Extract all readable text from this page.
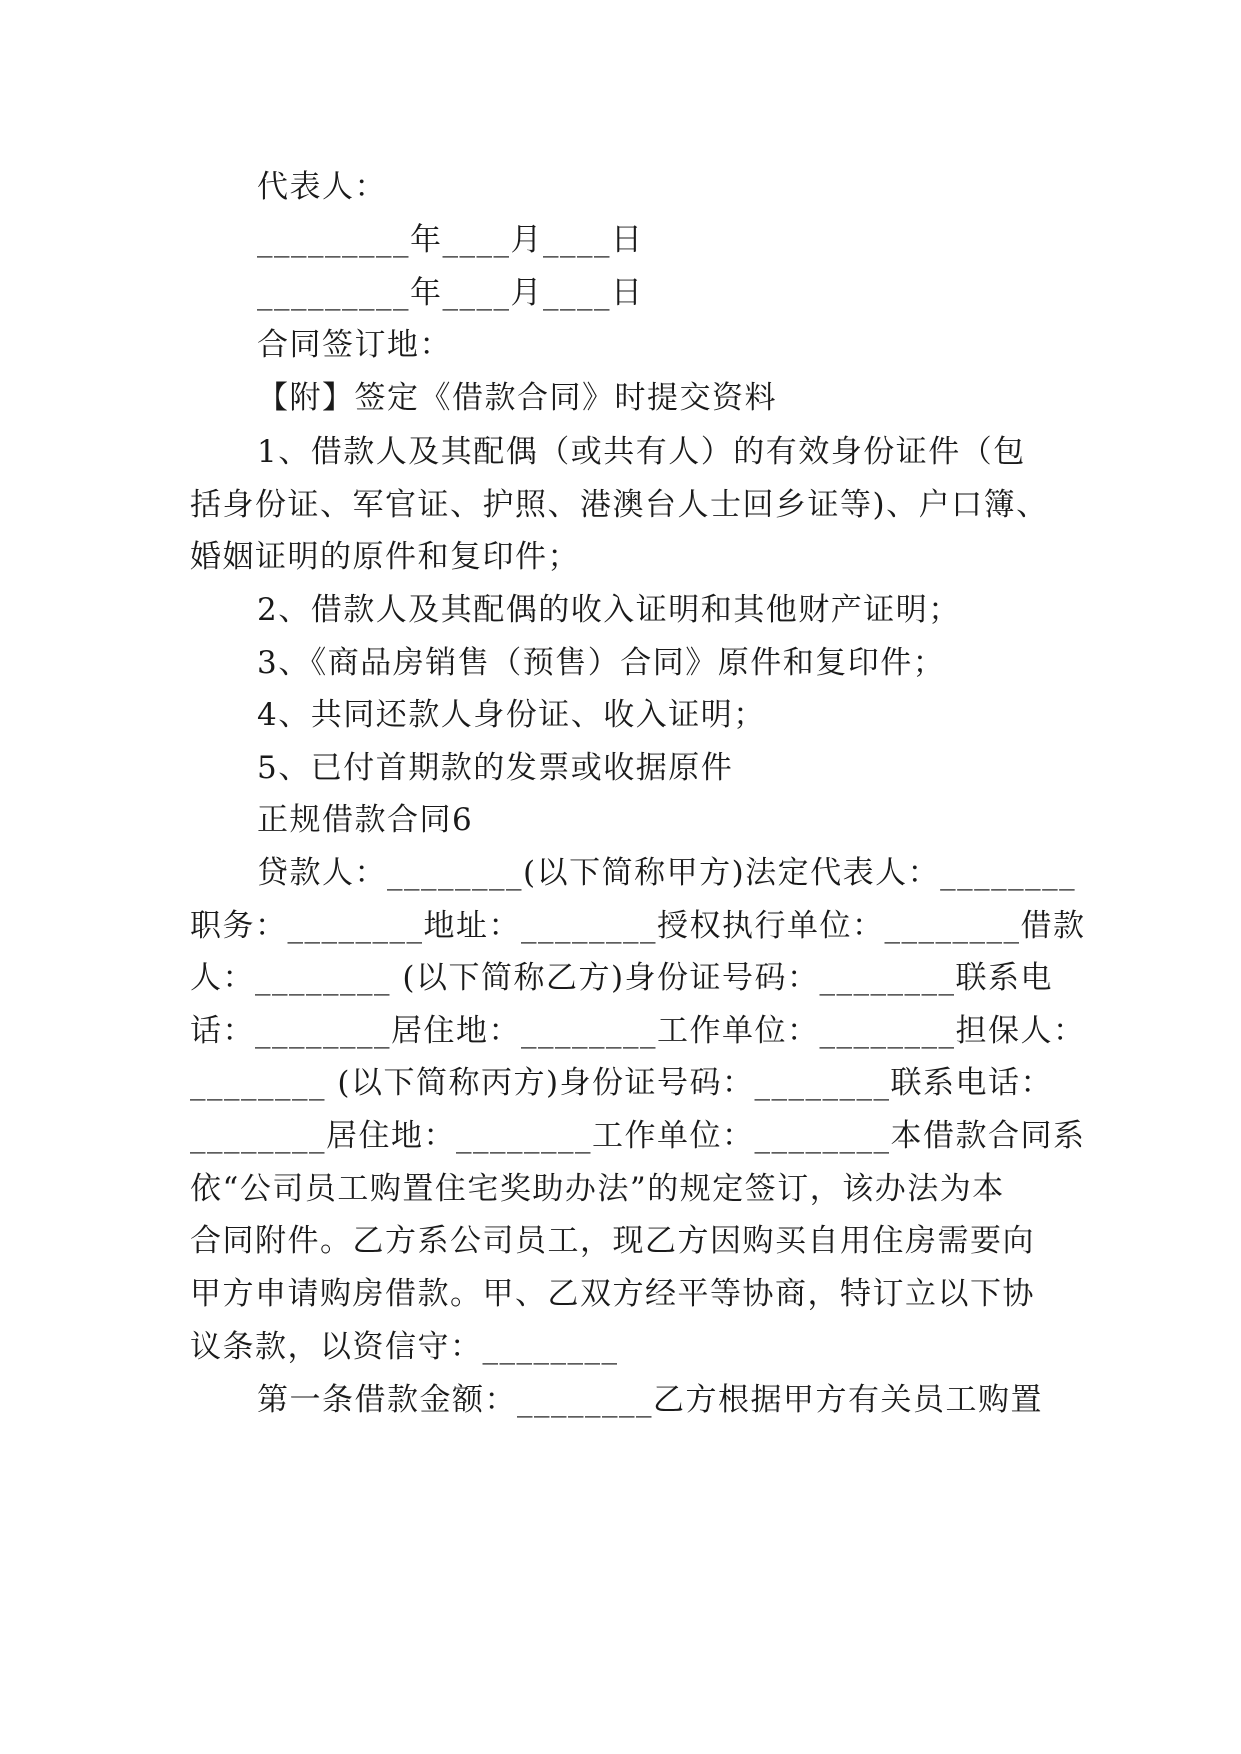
代表人：
_________年____月____日
_________年____月____日
合同签订地：
【附】签定《借款合同》时提交资料
1、借款人及其配偶（或共有人）的有效身份证件（包
括身份证、军官证、护照、港澳台人士回乡证等)、户口簿、
婚姻证明的原件和复印件；
2、借款人及其配偶的收入证明和其他财产证明；
3、《商品房销售（预售）合同》原件和复印件；
4、共同还款人身份证、收入证明；
5、已付首期款的发票或收据原件
正规借款合同6
贷款人：________(以下简称甲方)法定代表人：________
职务：________地址：________授权执行单位：________借款
人：________ (以下简称乙方)身份证号码：________联系电
话：________居住地：________工作单位：________担保人：
________ (以下简称丙方)身份证号码：________联系电话：
________居住地：________工作单位：________本借款合同系
依“公司员工购置住宅奖助办法”的规定签订，该办法为本
合同附件。乙方系公司员工，现乙方因购买自用住房需要向
甲方申请购房借款。甲、乙双方经平等协商，特订立以下协
议条款，以资信守：________
第一条借款金额：________乙方根据甲方有关员工购置
